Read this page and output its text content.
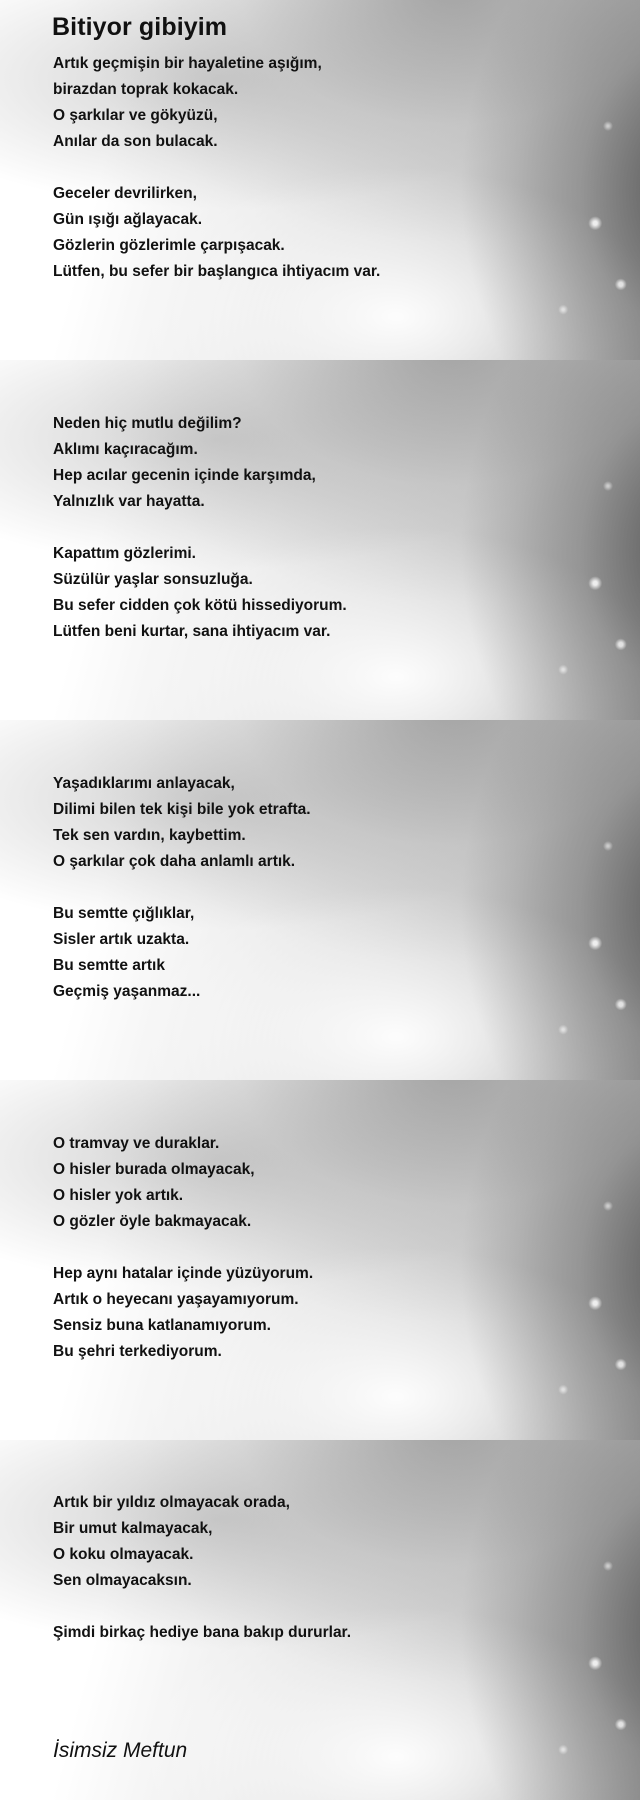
Bitiyor gibiyim
Artık geçmişin bir hayaletine aşığım,
birazdan toprak kokacak.
O şarkılar ve gökyüzü,
Anılar da son bulacak.
Geceler devrilirken,
Gün ışığı ağlayacak.
Gözlerin gözlerimle çarpışacak.
Lütfen, bu sefer bir başlangıca ihtiyacım var.
Neden hiç mutlu değilim?
Aklımı kaçıracağım.
Hep acılar gecenin içinde karşımda,
Yalnızlık var hayatta.
Kapattım gözlerimi.
Süzülür yaşlar sonsuzluğa.
Bu sefer cidden çok kötü hissediyorum.
Lütfen beni kurtar, sana ihtiyacım var.
Yaşadıklarımı anlayacak,
Dilimi bilen tek kişi bile yok etrafta.
Tek sen vardın, kaybettim.
O şarkılar çok daha anlamlı artık.
Bu semtte çığlıklar,
Sisler artık uzakta.
Bu semtte artık
Geçmiş yaşanmaz...
O tramvay ve duraklar.
O hisler burada olmayacak,
O hisler yok artık.
O gözler öyle bakmayacak.
Hep aynı hatalar içinde yüzüyorum.
Artık o heyecanı yaşayamıyorum.
Sensiz buna katlanamıyorum.
Bu şehri terkediyorum.
Artık bir yıldız olmayacak orada,
Bir umut kalmayacak,
O koku olmayacak.
Sen olmayacaksın.
Şimdi birkaç hediye bana bakıp dururlar.

İsimsiz Meftun
